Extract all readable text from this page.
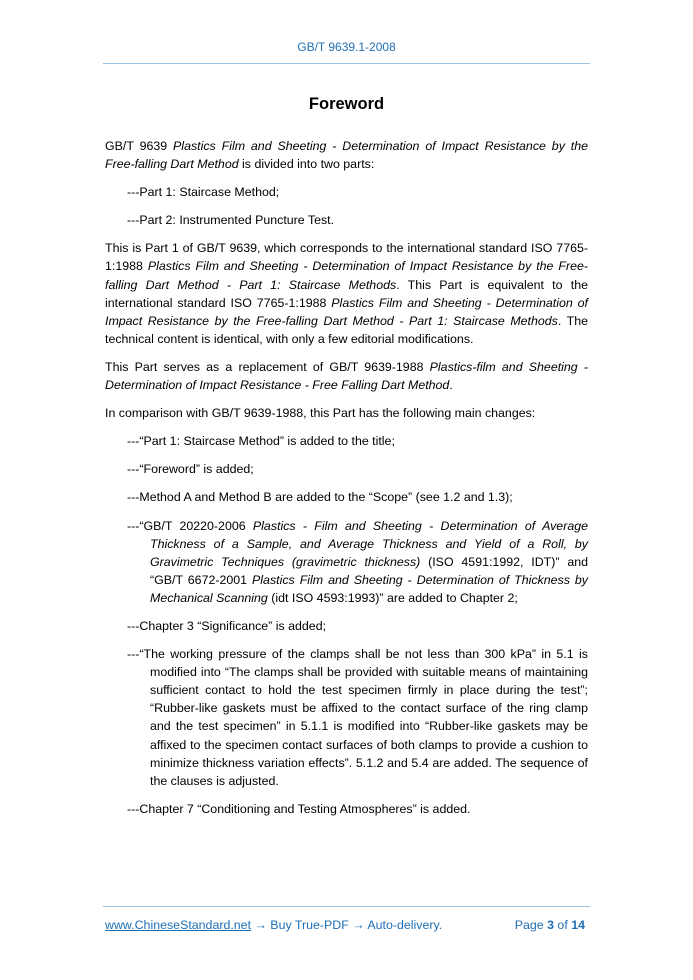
GB/T 9639.1-2008
Foreword

GB/T 9639 Plastics Film and Sheeting - Determination of Impact Resistance by the Free-falling Dart Method is divided into two parts:

---Part 1: Staircase Method;

---Part 2: Instrumented Puncture Test.

This is Part 1 of GB/T 9639, which corresponds to the international standard ISO 7765-1:1988 Plastics Film and Sheeting - Determination of Impact Resistance by the Free-falling Dart Method - Part 1: Staircase Methods. This Part is equivalent to the international standard ISO 7765-1:1988 Plastics Film and Sheeting - Determination of Impact Resistance by the Free-falling Dart Method - Part 1: Staircase Methods. The technical content is identical, with only a few editorial modifications.

This Part serves as a replacement of GB/T 9639-1988 Plastics-film and Sheeting - Determination of Impact Resistance - Free Falling Dart Method.

In comparison with GB/T 9639-1988, this Part has the following main changes:

---“Part 1: Staircase Method” is added to the title;

---“Foreword” is added;

---Method A and Method B are added to the “Scope” (see 1.2 and 1.3);

---“GB/T 20220-2006 Plastics - Film and Sheeting - Determination of Average Thickness of a Sample, and Average Thickness and Yield of a Roll, by Gravimetric Techniques (gravimetric thickness) (ISO 4591:1992, IDT)” and “GB/T 6672-2001 Plastics Film and Sheeting - Determination of Thickness by Mechanical Scanning (idt ISO 4593:1993)” are added to Chapter 2;

---Chapter 3 “Significance” is added;

---“The working pressure of the clamps shall be not less than 300 kPa” in 5.1 is modified into “The clamps shall be provided with suitable means of maintaining sufficient contact to hold the test specimen firmly in place during the test”; “Rubber-like gaskets must be affixed to the contact surface of the ring clamp and the test specimen” in 5.1.1 is modified into “Rubber-like gaskets may be affixed to the specimen contact surfaces of both clamps to provide a cushion to minimize thickness variation effects”. 5.1.2 and 5.4 are added. The sequence of the clauses is adjusted.

---Chapter 7 “Conditioning and Testing Atmospheres” is added.

www.ChineseStandard.net → Buy True-PDF → Auto-delivery.	Page 3 of 14
